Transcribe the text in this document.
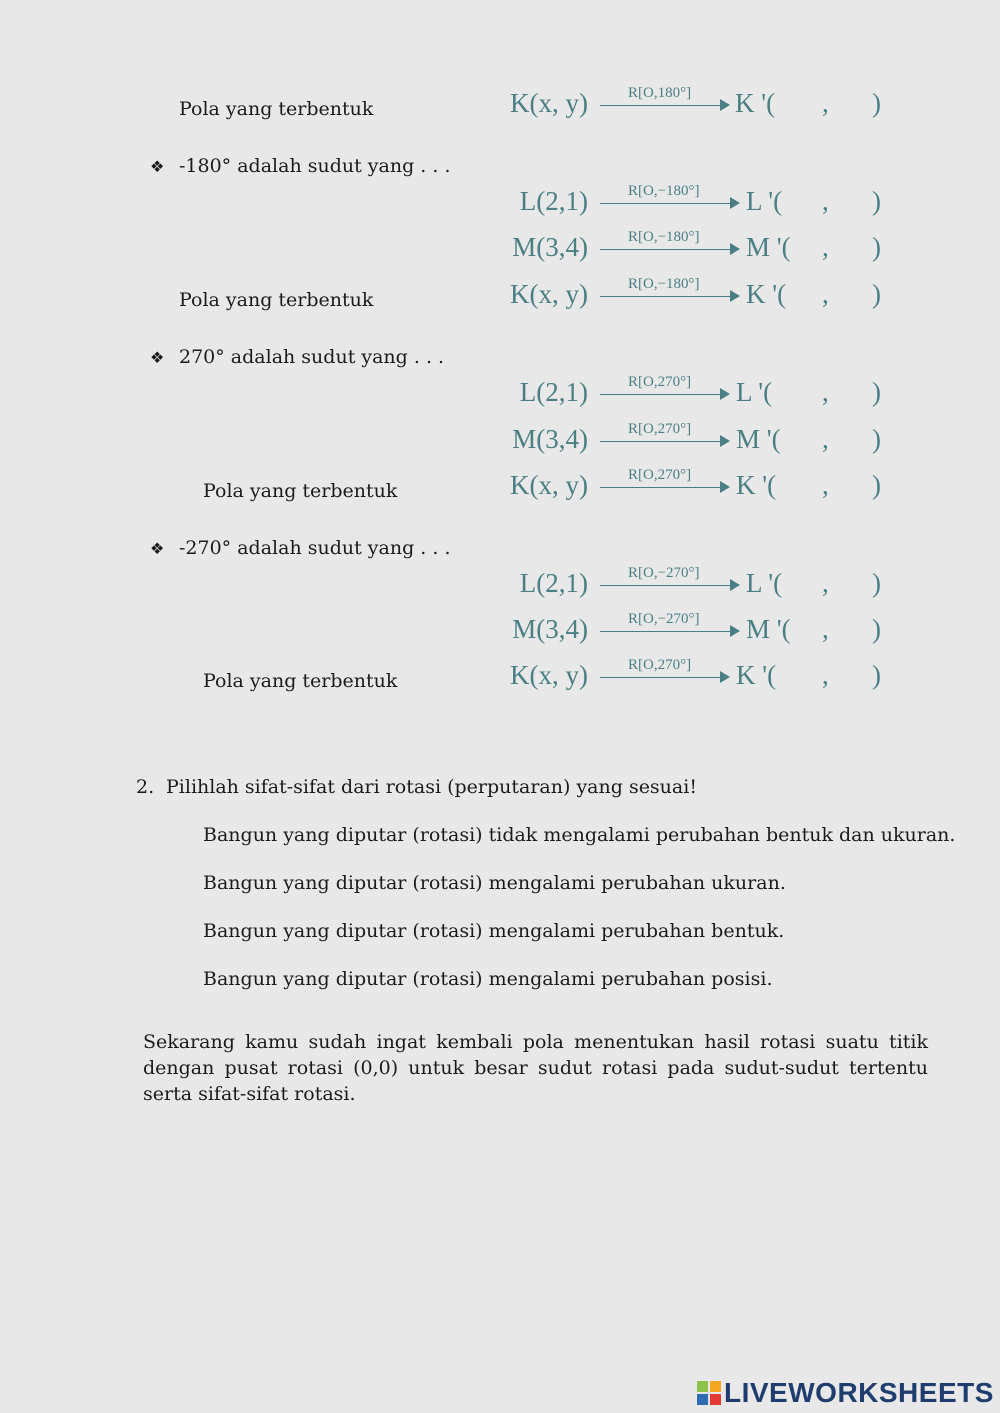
Pola yang terbentuk	K(x, y)	R[O,180°] K '( , )
❖ -180° adalah sudut yang . . .
L(2,1)	R[O,−180°] L '( , )
M(3,4)	R[O,−180°] M '( , )
Pola yang terbentuk	K(x, y)	R[O,−180°] K '( , )
❖ 270° adalah sudut yang . . .
L(2,1)	R[O,270°] L '( , )
M(3,4)	R[O,270°] M '( , )
Pola yang terbentuk	K(x, y)	R[O,270°] K '( , )
❖ -270° adalah sudut yang . . .
L(2,1)	R[O,−270°] L '( , )
M(3,4)	R[O,−270°] M '( , )
Pola yang terbentuk	K(x, y)	R[O,270°] K '( , )
2. Pilihlah sifat-sifat dari rotasi (perputaran) yang sesuai!
Bangun yang diputar (rotasi) tidak mengalami perubahan bentuk dan ukuran.
Bangun yang diputar (rotasi) mengalami perubahan ukuran.
Bangun yang diputar (rotasi) mengalami perubahan bentuk.
Bangun yang diputar (rotasi) mengalami perubahan posisi.
Sekarang kamu sudah ingat kembali pola menentukan hasil rotasi suatu titik dengan pusat rotasi (0,0) untuk besar sudut rotasi pada sudut-sudut tertentu serta sifat-sifat rotasi.
LIVEWORKSHEETS
